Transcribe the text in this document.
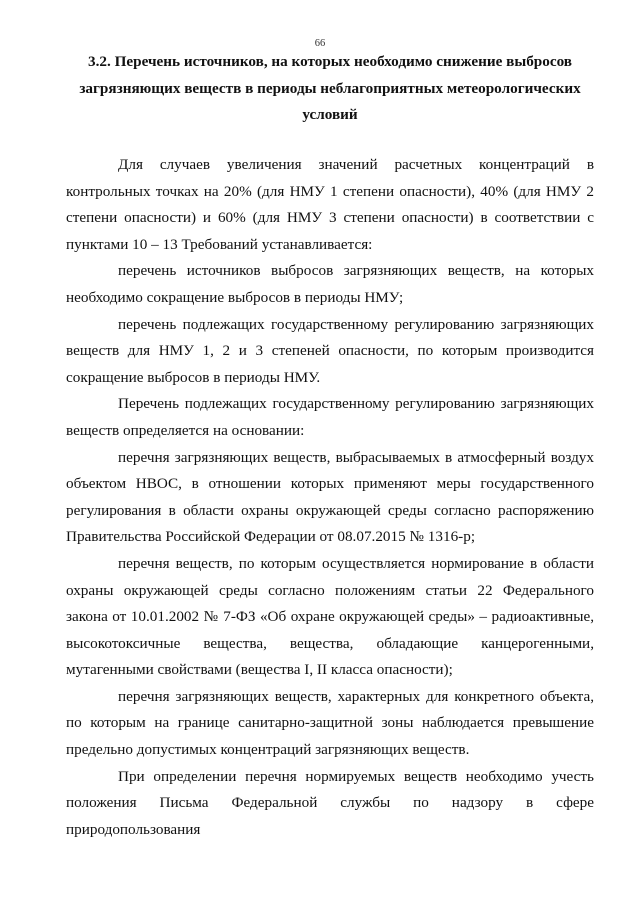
66
3.2. Перечень источников, на которых необходимо снижение выбросов загрязняющих веществ в периоды неблагоприятных метеорологических условий

Для случаев увеличения значений расчетных концентраций в контрольных точках на 20% (для НМУ 1 степени опасности), 40% (для НМУ 2 степени опасности) и 60% (для НМУ 3 степени опасности) в соответствии с пунктами 10 – 13 Требований устанавливается:

перечень источников выбросов загрязняющих веществ, на которых необходимо сокращение выбросов в периоды НМУ;

перечень подлежащих государственному регулированию загрязняющих веществ для НМУ 1, 2 и 3 степеней опасности, по которым производится сокращение выбросов в периоды НМУ.

Перечень подлежащих государственному регулированию загрязняющих веществ определяется на основании:

перечня загрязняющих веществ, выбрасываемых в атмосферный воздух объектом НВОС, в отношении которых применяют меры государственного регулирования в области охраны окружающей среды согласно распоряжению Правительства Российской Федерации от 08.07.2015 № 1316-р;

перечня веществ, по которым осуществляется нормирование в области охраны окружающей среды согласно положениям статьи 22 Федерального закона от 10.01.2002 № 7-ФЗ «Об охране окружающей среды» – радиоактивные, высокотоксичные вещества, вещества, обладающие канцерогенными, мутагенными свойствами (вещества I, II класса опасности);

перечня загрязняющих веществ, характерных для конкретного объекта, по которым на границе санитарно-защитной зоны наблюдается превышение предельно допустимых концентраций загрязняющих веществ.

При определении перечня нормируемых веществ необходимо учесть положения Письма Федеральной службы по надзору в сфере природопользования
